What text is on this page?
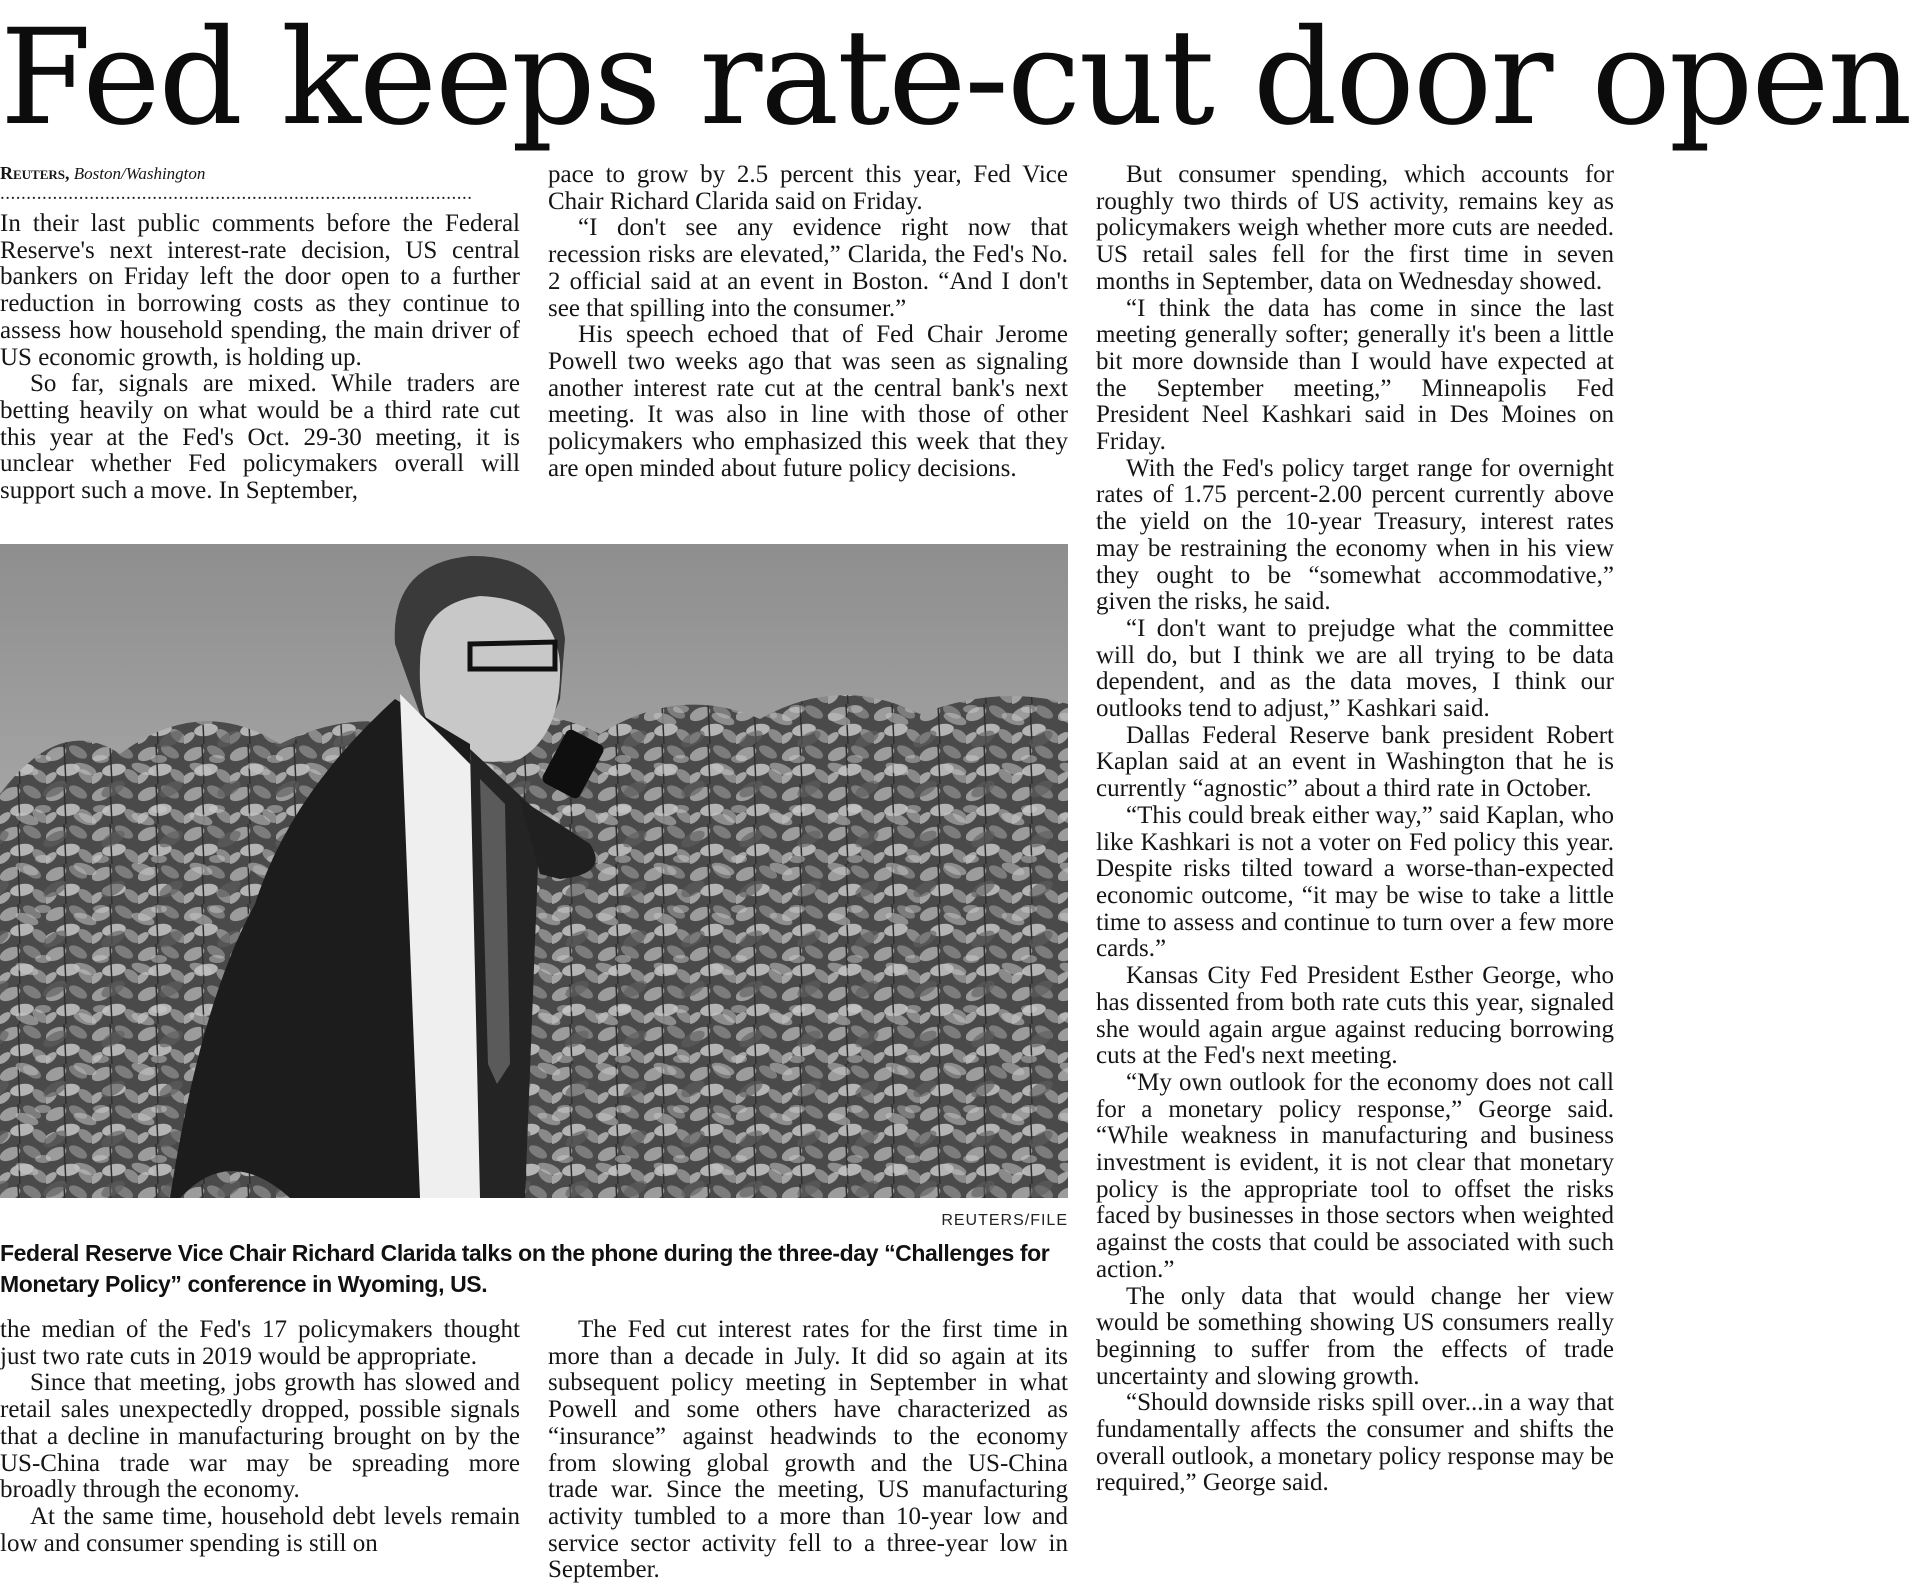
Fed keeps rate-cut door open
Reuters, Boston/Washington
..........................................................................................

In their last public comments before the Federal Reserve's next interest-rate decision, US central bankers on Friday left the door open to a further reduction in borrowing costs as they continue to assess how household spending, the main driver of US economic growth, is holding up.

So far, signals are mixed. While traders are betting heavily on what would be a third rate cut this year at the Fed's Oct. 29-30 meeting, it is unclear whether Fed policymakers overall will support such a move. In September,

pace to grow by 2.5 percent this year, Fed Vice Chair Richard Clarida said on Friday.

“I don't see any evidence right now that recession risks are elevated,” Clarida, the Fed's No. 2 official said at an event in Boston. “And I don't see that spilling into the consumer.”

His speech echoed that of Fed Chair Jerome Powell two weeks ago that was seen as signaling another interest rate cut at the central bank's next meeting. It was also in line with those of other policymakers who emphasized this week that they are open minded about future policy decisions.

But consumer spending, which accounts for roughly two thirds of US activity, remains key as policymakers weigh whether more cuts are needed. US retail sales fell for the first time in seven months in September, data on Wednesday showed.

“I think the data has come in since the last meeting generally softer; generally it's been a little bit more downside than I would have expected at the September meeting,” Minneapolis Fed President Neel Kashkari said in Des Moines on Friday.

With the Fed's policy target range for overnight rates of 1.75 percent-2.00 percent currently above the yield on the 10-year Treasury, interest rates may be restraining the economy when in his view they ought to be “somewhat accommodative,” given the risks, he said.

“I don't want to prejudge what the committee will do, but I think we are all trying to be data dependent, and as the data moves, I think our outlooks tend to adjust,” Kashkari said.

Dallas Federal Reserve bank president Robert Kaplan said at an event in Washington that he is currently “agnostic” about a third rate in October.

“This could break either way,” said Kaplan, who like Kashkari is not a voter on Fed policy this year. Despite risks tilted toward a worse-than-expected economic outcome, “it may be wise to take a little time to assess and continue to turn over a few more cards.”

Kansas City Fed President Esther George, who has dissented from both rate cuts this year, signaled she would again argue against reducing borrowing cuts at the Fed's next meeting.

“My own outlook for the economy does not call for a monetary policy response,” George said. “While weakness in manufacturing and business investment is evident, it is not clear that monetary policy is the appropriate tool to offset the risks faced by businesses in those sectors when weighted against the costs that could be associated with such action.”

The only data that would change her view would be something showing US consumers really beginning to suffer from the effects of trade uncertainty and slowing growth.

“Should downside risks spill over...in a way that fundamentally affects the consumer and shifts the overall outlook, a monetary policy response may be required,” George said.

REUTERS/FILE
Federal Reserve Vice Chair Richard Clarida talks on the phone during the three-day “Challenges for Monetary Policy” conference in Wyoming, US.

the median of the Fed's 17 policymakers thought just two rate cuts in 2019 would be appropriate.

Since that meeting, jobs growth has slowed and retail sales unexpectedly dropped, possible signals that a decline in manufacturing brought on by the US-China trade war may be spreading more broadly through the economy.

At the same time, household debt levels remain low and consumer spending is still on

The Fed cut interest rates for the first time in more than a decade in July. It did so again at its subsequent policy meeting in September in what Powell and some others have characterized as “insurance” against headwinds to the economy from slowing global growth and the US-China trade war. Since the meeting, US manufacturing activity tumbled to a more than 10-year low and service sector activity fell to a three-year low in September.
